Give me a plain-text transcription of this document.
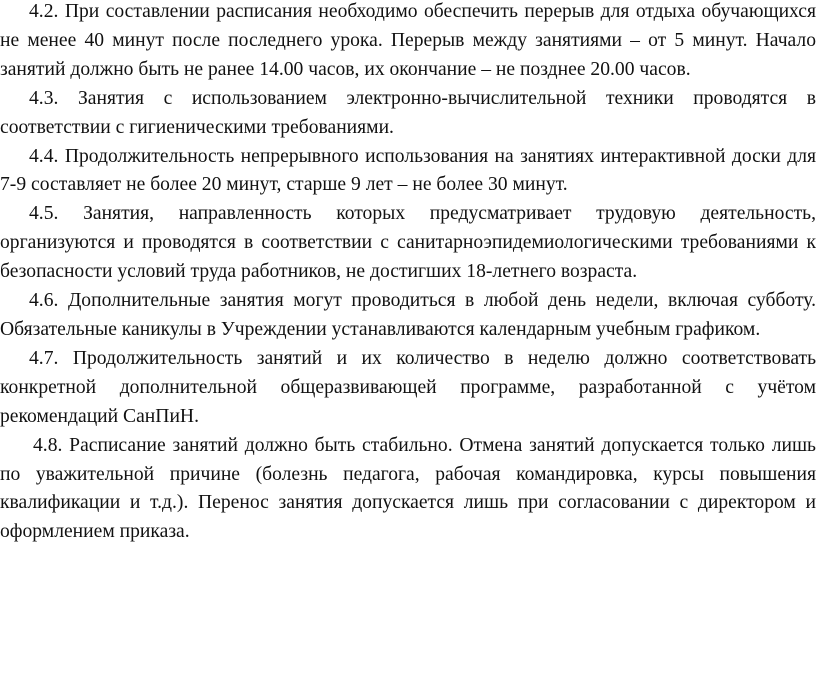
4.2. При составлении расписания необходимо обеспечить перерыв для отдыха обучающихся не менее 40 минут после последнего урока. Перерыв между занятиями – от 5 минут. Начало занятий должно быть не ранее 14.00 часов, их окончание – не позднее 20.00 часов.

4.3. Занятия с использованием электронно-вычислительной техники проводятся в соответствии с гигиеническими требованиями.

4.4. Продолжительность непрерывного использования на занятиях интерактивной доски для 7-9 составляет не более 20 минут, старше 9 лет – не более 30 минут.

4.5. Занятия, направленность которых предусматривает трудовую деятельность, организуются и проводятся в соответствии с санитарноэпидемиологическими требованиями к безопасности условий труда работников, не достигших 18-летнего возраста.

4.6. Дополнительные занятия могут проводиться в любой день недели, включая субботу. Обязательные каникулы в Учреждении устанавливаются календарным учебным графиком.

4.7. Продолжительность занятий и их количество в неделю должно соответствовать конкретной дополнительной общеразвивающей программе, разработанной с учётом рекомендаций СанПиН.

4.8. Расписание занятий должно быть стабильно. Отмена занятий допускается только лишь по уважительной причине (болезнь педагога, рабочая командировка, курсы повышения квалификации и т.д.). Перенос занятия допускается лишь при согласовании с директором и оформлением приказа.
